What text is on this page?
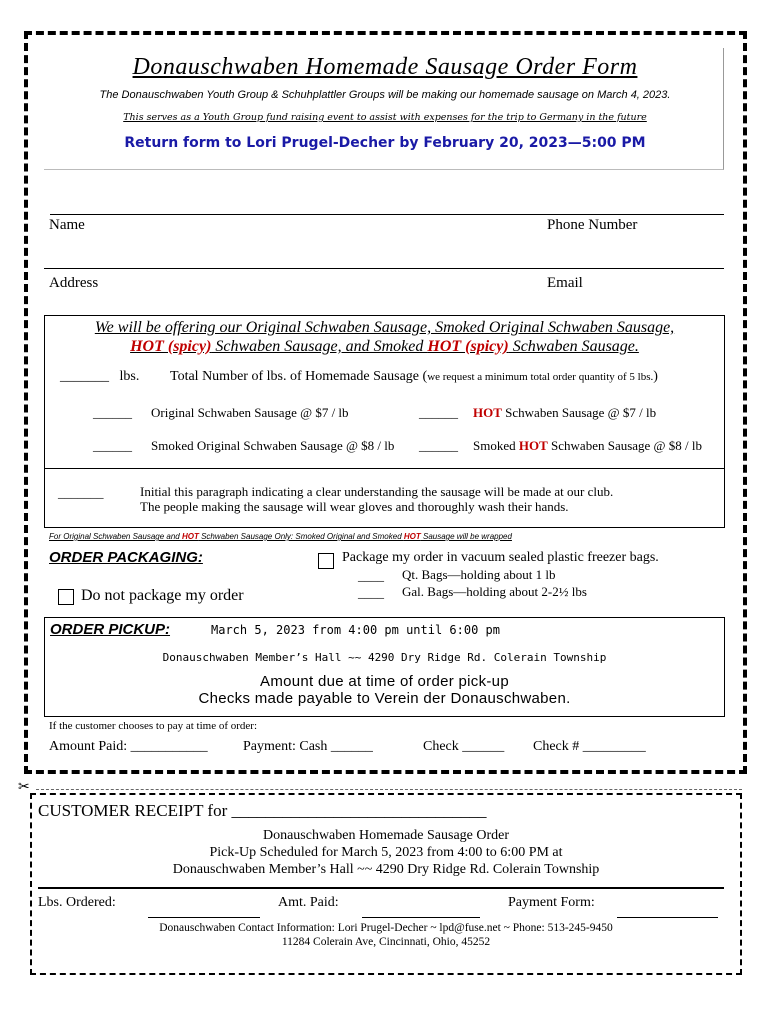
Donauschwaben Homemade Sausage Order Form
The Donauschwaben Youth Group & Schuhplattler Groups will be making our homemade sausage on March 4, 2023.
This serves as a Youth Group fund raising event to assist with expenses for the trip to Germany in the future
Return form to Lori Prugel-Decher by February 20, 2023—5:00 PM
Name	Phone Number
Address	Email
We will be offering our Original Schwaben Sausage, Smoked Original Schwaben Sausage,
HOT (spicy) Schwaben Sausage, and Smoked HOT (spicy) Schwaben Sausage.
_______ lbs. Total Number of lbs. of Homemade Sausage (we request a minimum total order quantity of 5 lbs.)
______ Original Schwaben Sausage @ $7 / lb	______ HOT Schwaben Sausage @ $7 / lb
______ Smoked Original Schwaben Sausage @ $8 / lb ______ Smoked HOT Schwaben Sausage @ $8 / lb
_______	Initial this paragraph indicating a clear understanding the sausage will be made at our club.
The people making the sausage will wear gloves and thoroughly wash their hands.
For Original Schwaben Sausage and HOT Schwaben Sausage Only: Smoked Original and Smoked HOT Sausage will be wrapped
ORDER PACKAGING:	Package my order in vacuum sealed plastic freezer bags.
____ Qt. Bags—holding about 1 lb
____ Gal. Bags—holding about 2-2½ lbs
Do not package my order
ORDER PICKUP:	March 5, 2023 from 4:00 pm until 6:00 pm
Donauschwaben Member’s Hall ~~ 4290 Dry Ridge Rd. Colerain Township
Amount due at time of order pick-up
Checks made payable to Verein der Donauschwaben.
If the customer chooses to pay at time of order:
Amount Paid: ___________	Payment: Cash ______	Check ______ Check # _________
✂
CUSTOMER RECEIPT for ______________________________
Donauschwaben Homemade Sausage Order
Pick-Up Scheduled for March 5, 2023 from 4:00 to 6:00 PM at
Donauschwaben Member’s Hall ~~ 4290 Dry Ridge Rd. Colerain Township
Lbs. Ordered:	Amt. Paid:	Payment Form:
Donauschwaben Contact Information: Lori Prugel-Decher ~ lpd@fuse.net ~ Phone: 513-245-9450
11284 Colerain Ave, Cincinnati, Ohio, 45252
